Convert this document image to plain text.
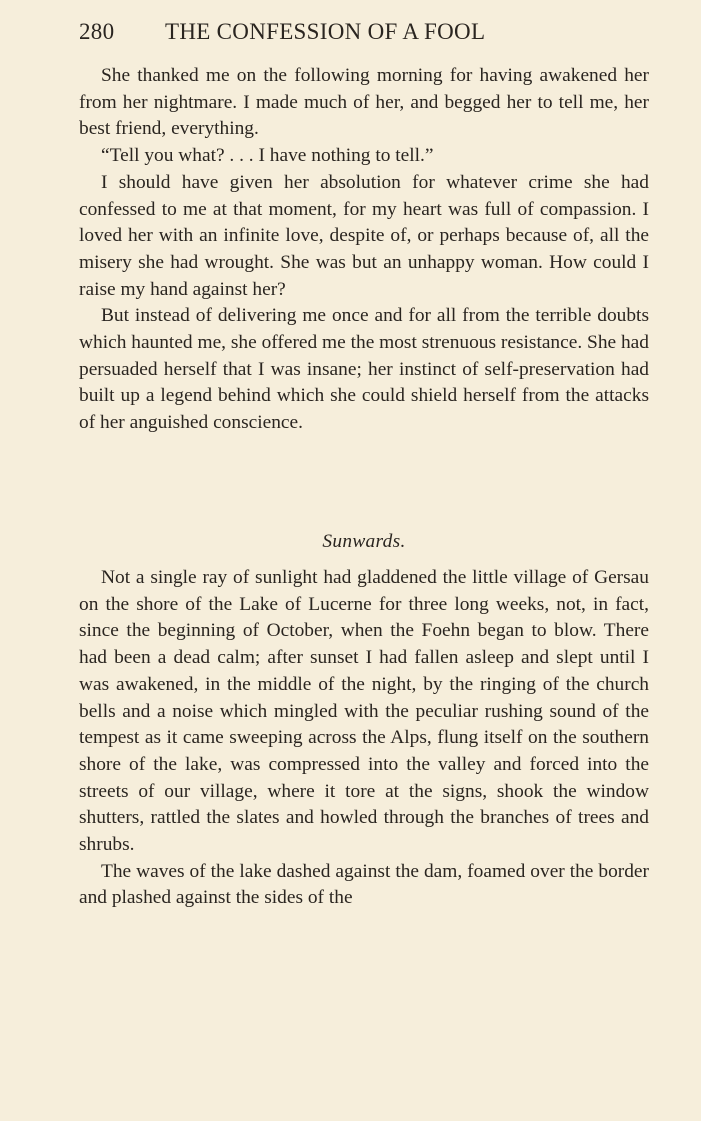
280 THE CONFESSION OF A FOOL

She thanked me on the following morning for having awakened her from her nightmare. I made much of her, and begged her to tell me, her best friend, everything.

“Tell you what? . . . I have nothing to tell.”

I should have given her absolution for whatever crime she had confessed to me at that moment, for my heart was full of compassion. I loved her with an infinite love, despite of, or perhaps because of, all the misery she had wrought. She was but an unhappy woman. How could I raise my hand against her?

But instead of delivering me once and for all from the terrible doubts which haunted me, she offered me the most strenuous resistance. She had persuaded herself that I was insane; her instinct of self-preservation had built up a legend behind which she could shield herself from the attacks of her anguished conscience.

Sunwards.

Not a single ray of sunlight had gladdened the little village of Gersau on the shore of the Lake of Lucerne for three long weeks, not, in fact, since the beginning of October, when the Foehn began to blow. There had been a dead calm; after sunset I had fallen asleep and slept until I was awakened, in the middle of the night, by the ringing of the church bells and a noise which mingled with the peculiar rushing sound of the tempest as it came sweeping across the Alps, flung itself on the southern shore of the lake, was compressed into the valley and forced into the streets of our village, where it tore at the signs, shook the window shutters, rattled the slates and howled through the branches of trees and shrubs.

The waves of the lake dashed against the dam, foamed over the border and plashed against the sides of the
